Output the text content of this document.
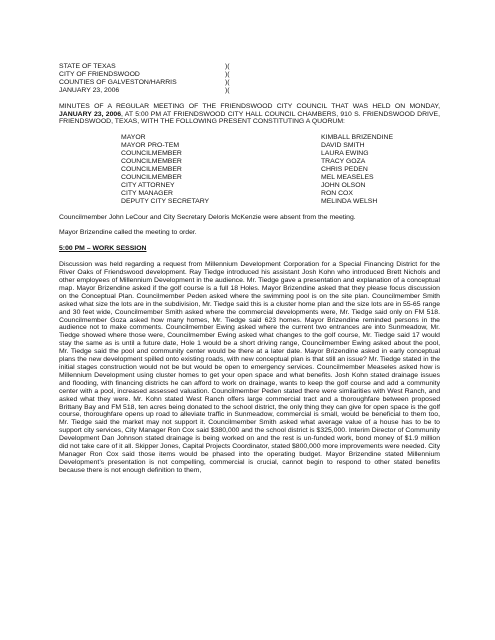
STATE OF TEXAS	)(
CITY OF FRIENDSWOOD	)(
COUNTIES OF GALVESTON/HARRIS	)(
JANUARY 23, 2006	)(
MINUTES OF A REGULAR MEETING OF THE FRIENDSWOOD CITY COUNCIL THAT WAS HELD ON MONDAY, JANUARY 23, 2006, AT 5:00 PM AT FRIENDSWOOD CITY HALL COUNCIL CHAMBERS, 910 S. FRIENDSWOOD DRIVE, FRIENDSWOOD, TEXAS, WITH THE FOLLOWING PRESENT CONSTITUTING A QUORUM:
MAYOR	KIMBALL BRIZENDINE
MAYOR PRO-TEM	DAVID SMITH
COUNCILMEMBER	LAURA EWING
COUNCILMEMBER	TRACY GOZA
COUNCILMEMBER	CHRIS PEDEN
COUNCILMEMBER	MEL MEASELES
CITY ATTORNEY	JOHN OLSON
CITY MANAGER	RON COX
DEPUTY CITY SECRETARY	MELINDA WELSH

Councilmember John LeCour and City Secretary Deloris McKenzie were absent from the meeting.

Mayor Brizendine called the meeting to order.

5:00 PM – WORK SESSION

Discussion was held regarding a request from Millennium Development Corporation for a Special Financing District for the River Oaks of Friendswood development. Ray Tiedge introduced his assistant Josh Kohn who introduced Brett Nichols and other employees of Millennium Development in the audience. Mr. Tiedge gave a presentation and explanation of a conceptual map. Mayor Brizendine asked if the golf course is a full 18 Holes. Mayor Brizendine asked that they please focus discussion on the Conceptual Plan. Councilmember Peden asked where the swimming pool is on the site plan. Councilmember Smith asked what size the lots are in the subdivision, Mr. Tiedge said this is a cluster home plan and the size lots are in 55-65 range and 30 feet wide, Councilmember Smith asked where the commercial developments were, Mr. Tiedge said only on FM 518. Councilmember Goza asked how many homes, Mr. Tiedge said 623 homes. Mayor Brizendine reminded persons in the audience not to make comments. Councilmember Ewing asked where the current two entrances are into Sunmeadow, Mr. Tiedge showed where those were, Councilmember Ewing asked what changes to the golf course, Mr. Tiedge said 17 would stay the same as is until a future date, Hole 1 would be a short driving range, Councilmember Ewing asked about the pool, Mr. Tiedge said the pool and community center would be there at a later date. Mayor Brizendine asked in early conceptual plans the new development spilled onto existing roads, with new conceptual plan is that still an issue? Mr. Tiedge stated in the initial stages construction would not be but would be open to emergency services. Councilmember Measeles asked how is Millennium Development using cluster homes to get your open space and what benefits. Josh Kohn stated drainage issues and flooding, with financing districts he can afford to work on drainage, wants to keep the golf course and add a community center with a pool, increased assessed valuation. Councilmember Peden stated there were similarities with West Ranch, and asked what they were. Mr. Kohn stated West Ranch offers large commercial tract and a thoroughfare between proposed Brittany Bay and FM 518, ten acres being donated to the school district, the only thing they can give for open space is the golf course, thoroughfare opens up road to alleviate traffic in Sunmeadow, commercial is small, would be beneficial to them too, Mr. Tiedge said the market may not support it. Councilmember Smith asked what average value of a house has to be to support city services, City Manager Ron Cox said $380,000 and the school district is $325,000. Interim Director of Community Development Dan Johnson stated drainage is being worked on and the rest is un-funded work, bond money of $1.9 million did not take care of it all. Skipper Jones, Capital Projects Coordinator, stated $800,000 more improvements were needed. City Manager Ron Cox said those items would be phased into the operating budget. Mayor Brizendine stated Millennium Development’s presentation is not compelling, commercial is crucial, cannot begin to respond to other stated benefits because there is not enough definition to them,
